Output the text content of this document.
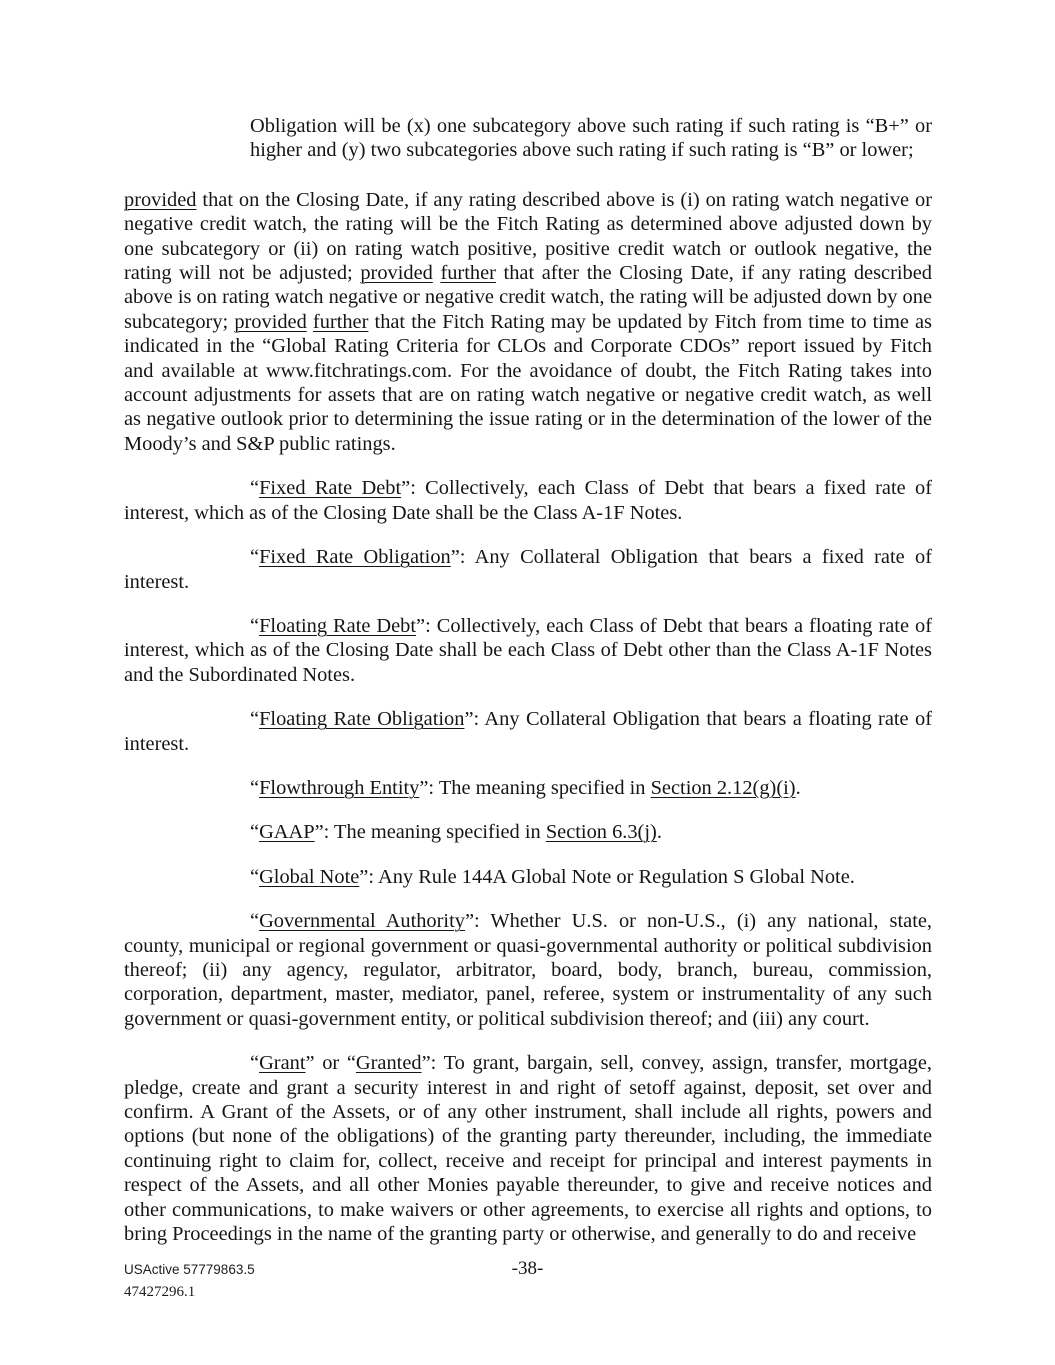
Obligation will be (x) one subcategory above such rating if such rating is “B+” or higher and (y) two subcategories above such rating if such rating is “B” or lower;

provided that on the Closing Date, if any rating described above is (i) on rating watch negative or negative credit watch, the rating will be the Fitch Rating as determined above adjusted down by one subcategory or (ii) on rating watch positive, positive credit watch or outlook negative, the rating will not be adjusted; provided further that after the Closing Date, if any rating described above is on rating watch negative or negative credit watch, the rating will be adjusted down by one subcategory; provided further that the Fitch Rating may be updated by Fitch from time to time as indicated in the “Global Rating Criteria for CLOs and Corporate CDOs” report issued by Fitch and available at www.fitchratings.com. For the avoidance of doubt, the Fitch Rating takes into account adjustments for assets that are on rating watch negative or negative credit watch, as well as negative outlook prior to determining the issue rating or in the determination of the lower of the Moody’s and S&P public ratings.

“Fixed Rate Debt”: Collectively, each Class of Debt that bears a fixed rate of interest, which as of the Closing Date shall be the Class A-1F Notes.

“Fixed Rate Obligation”: Any Collateral Obligation that bears a fixed rate of interest.

“Floating Rate Debt”: Collectively, each Class of Debt that bears a floating rate of interest, which as of the Closing Date shall be each Class of Debt other than the Class A-1F Notes and the Subordinated Notes.

“Floating Rate Obligation”: Any Collateral Obligation that bears a floating rate of interest.

“Flowthrough Entity”: The meaning specified in Section 2.12(g)(i).

“GAAP”: The meaning specified in Section 6.3(j).

“Global Note”: Any Rule 144A Global Note or Regulation S Global Note.

“Governmental Authority”: Whether U.S. or non-U.S., (i) any national, state, county, municipal or regional government or quasi-governmental authority or political subdivision thereof; (ii) any agency, regulator, arbitrator, board, body, branch, bureau, commission, corporation, department, master, mediator, panel, referee, system or instrumentality of any such government or quasi-government entity, or political subdivision thereof; and (iii) any court.

“Grant” or “Granted”: To grant, bargain, sell, convey, assign, transfer, mortgage, pledge, create and grant a security interest in and right of setoff against, deposit, set over and confirm. A Grant of the Assets, or of any other instrument, shall include all rights, powers and options (but none of the obligations) of the granting party thereunder, including, the immediate continuing right to claim for, collect, receive and receipt for principal and interest payments in respect of the Assets, and all other Monies payable thereunder, to give and receive notices and other communications, to make waivers or other agreements, to exercise all rights and options, to bring Proceedings in the name of the granting party or otherwise, and generally to do and receive

USActive 57779863.5
47427296.1
-38-
